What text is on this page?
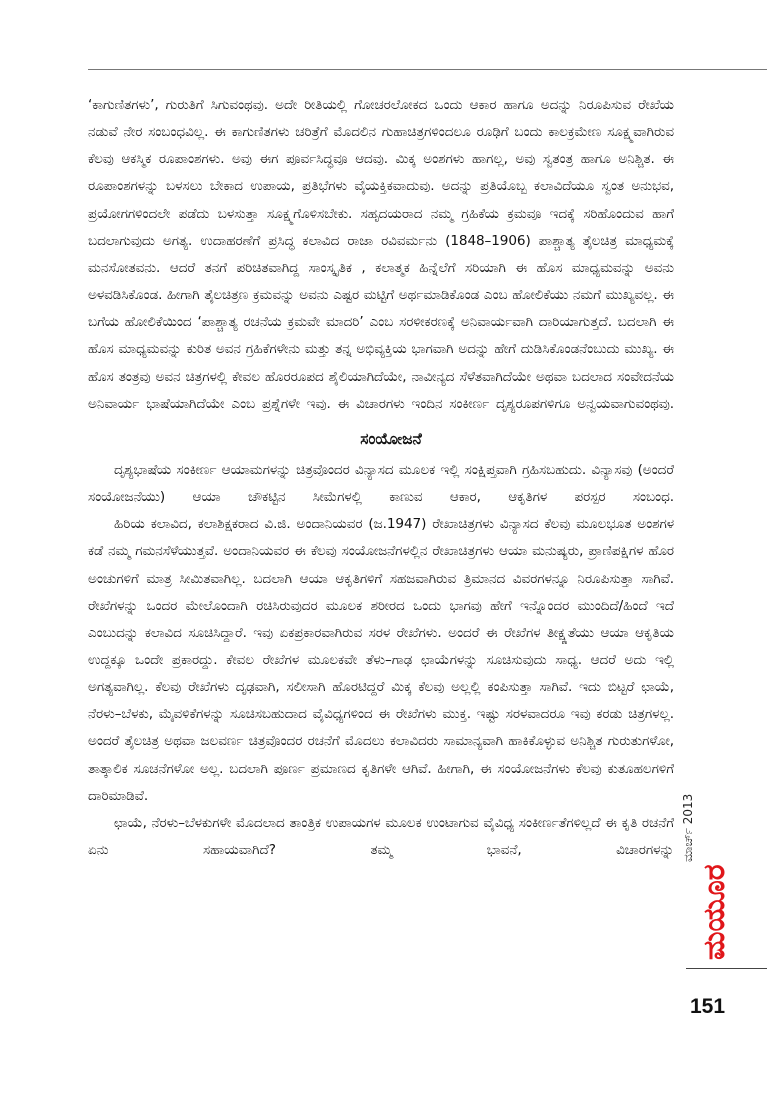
‘ಕಾಗುಣಿತಗಳು’, ಗುರುತಿಗೆ ಸಿಗುವಂಥವು. ಅದೇ ರೀತಿಯಲ್ಲಿ ಗೋಚರಲೋಕದ ಒಂದು ಆಕಾರ ಹಾಗೂ ಅದನ್ನು ನಿರೂಪಿಸುವ ರೇಖೆಯ ನಡುವೆ ನೇರ ಸಂಬಂಧವಿಲ್ಲ. ಈ ಕಾಗುಣಿತಗಳು ಚರಿತ್ರೆಗೆ ಮೊದಲಿನ ಗುಹಾಚಿತ್ರಗಳಿಂದಲೂ ರೂಢಿಗೆ ಬಂದು ಕಾಲಕ್ರಮೇಣ ಸೂಕ್ಷ್ಮವಾಗಿರುವ ಕೆಲವು ಆಕಸ್ಮಿಕ ರೂಪಾಂಶಗಳು. ಅವು ಈಗ ಪೂರ್ವಸಿದ್ಧವೂ ಆದವು. ಮಿಕ್ಕ ಅಂಶಗಳು ಹಾಗಲ್ಲ, ಅವು ಸ್ವತಂತ್ರ ಹಾಗೂ ಅನಿಶ್ಚಿತ. ಈ ರೂಪಾಂಶಗಳನ್ನು ಬಳಸಲು ಬೇಕಾದ ಉಪಾಯ, ಪ್ರತಿಭೆಗಳು ವೈಯಕ್ತಿಕವಾದುವು. ಅದನ್ನು ಪ್ರತಿಯೊಬ್ಬ ಕಲಾವಿದೆಯೂ ಸ್ವಂತ ಅನುಭವ, ಪ್ರಯೋಗಗಳಿಂದಲೇ ಪಡೆದು ಬಳಸುತ್ತಾ ಸೂಕ್ಷ್ಮಗೊಳಿಸಬೇಕು. ಸಹೃದಯರಾದ ನಮ್ಮ ಗ್ರಹಿಕೆಯ ಕ್ರಮವೂ ಇದಕ್ಕೆ ಸರಿಹೊಂದುವ ಹಾಗೆ ಬದಲಾಗುವುದು ಅಗತ್ಯ. ಉದಾಹರಣೆಗೆ ಪ್ರಸಿದ್ಧ ಕಲಾವಿದ ರಾಜಾ ರವಿವರ್ಮನು (1848–1906) ಪಾಶ್ಚಾತ್ಯ ತೈಲಚಿತ್ರ ಮಾಧ್ಯಮಕ್ಕೆ ಮನಸೋತವನು. ಆದರೆ ತನಗೆ ಪರಿಚಿತವಾಗಿದ್ದ ಸಾಂಸ್ಕೃತಿಕ , ಕಲಾತ್ಮಕ ಹಿನ್ನೆಲೆಗೆ ಸರಿಯಾಗಿ ಈ ಹೊಸ ಮಾಧ್ಯಮವನ್ನು ಅವನು ಅಳವಡಿಸಿಕೊಂಡ. ಹೀಗಾಗಿ ತೈಲಚಿತ್ರಣ ಕ್ರಮವನ್ನು ಅವನು ಎಷ್ಟರ ಮಟ್ಟಿಗೆ ಅರ್ಥಮಾಡಿಕೊಂಡ ಎಂಬ ಹೋಲಿಕೆಯು ನಮಗೆ ಮುಖ್ಯವಲ್ಲ. ಈ ಬಗೆಯ ಹೋಲಿಕೆಯಿಂದ ‘ಪಾಶ್ಚಾತ್ಯ ರಚನೆಯ ಕ್ರಮವೇ ಮಾದರಿ’ ಎಂಬ ಸರಳೀಕರಣಕ್ಕೆ ಅನಿವಾರ್ಯವಾಗಿ ದಾರಿಯಾಗುತ್ತದೆ. ಬದಲಾಗಿ ಈ ಹೊಸ ಮಾಧ್ಯಮವನ್ನು ಕುರಿತ ಅವನ ಗ್ರಹಿಕೆಗಳೇನು ಮತ್ತು ತನ್ನ ಅಭಿವ್ಯಕ್ತಿಯ ಭಾಗವಾಗಿ ಅದನ್ನು ಹೇಗೆ ದುಡಿಸಿಕೊಂಡನೆಂಬುದು ಮುಖ್ಯ. ಈ ಹೊಸ ತಂತ್ರವು ಅವನ ಚಿತ್ರಗಳಲ್ಲಿ ಕೇವಲ ಹೊರರೂಪದ ಶೈಲಿಯಾಗಿದೆಯೇ, ನಾವೀನ್ಯದ ಸೆಳೆತವಾಗಿದೆಯೇ ಅಥವಾ ಬದಲಾದ ಸಂವೇದನೆಯ ಅನಿವಾರ್ಯ ಭಾಷೆಯಾಗಿದೆಯೇ ಎಂಬ ಪ್ರಶ್ನೆಗಳೇ ಇವು. ಈ ವಿಚಾರಗಳು ಇಂದಿನ ಸಂಕೀರ್ಣ ದೃಶ್ಯರೂಪಗಳಿಗೂ ಅನ್ವಯವಾಗುವಂಥವು.

ಸಂಯೋಜನೆ

ದೃಶ್ಯಭಾಷೆಯ ಸಂಕೀರ್ಣ ಆಯಾಮಗಳನ್ನು ಚಿತ್ರವೊಂದರ ವಿನ್ಯಾಸದ ಮೂಲಕ ಇಲ್ಲಿ ಸಂಕ್ಷಿಪ್ತವಾಗಿ ಗ್ರಹಿಸಬಹುದು. ವಿನ್ಯಾಸವು (ಅಂದರೆ ಸಂಯೋಜನೆಯು) ಆಯಾ ಚೌಕಟ್ಟಿನ ಸೀಮೆಗಳಲ್ಲಿ ಕಾಣುವ ಆಕಾರ, ಆಕೃತಿಗಳ ಪರಸ್ಪರ ಸಂಬಂಧ.

ಹಿರಿಯ ಕಲಾವಿದ, ಕಲಾಶಿಕ್ಷಕರಾದ ವಿ.ಜಿ. ಅಂದಾನಿಯವರ (ಜ.1947) ರೇಖಾಚಿತ್ರಗಳು ವಿನ್ಯಾಸದ ಕೆಲವು ಮೂಲಭೂತ ಅಂಶಗಳ ಕಡೆ ನಮ್ಮ ಗಮನಸೆಳೆಯುತ್ತವೆ. ಅಂದಾನಿಯವರ ಈ ಕೆಲವು ಸಂಯೋಜನೆಗಳಲ್ಲಿನ ರೇಖಾಚಿತ್ರಗಳು ಆಯಾ ಮನುಷ್ಯರು, ಪ್ರಾಣಿಪಕ್ಷಿಗಳ ಹೊರ ಅಂಚುಗಳಿಗೆ ಮಾತ್ರ ಸೀಮಿತವಾಗಿಲ್ಲ. ಬದಲಾಗಿ ಆಯಾ ಆಕೃತಿಗಳಿಗೆ ಸಹಜವಾಗಿರುವ ತ್ರಿಮಾನದ ವಿವರಗಳನ್ನೂ ನಿರೂಪಿಸುತ್ತಾ ಸಾಗಿವೆ. ರೇಖೆಗಳನ್ನು ಒಂದರ ಮೇಲೊಂದಾಗಿ ರಚಿಸಿರುವುದರ ಮೂಲಕ ಶರೀರದ ಒಂದು ಭಾಗವು ಹೇಗೆ ಇನ್ನೊಂದರ ಮುಂದಿದೆ/ಹಿಂದೆ ಇದೆ ಎಂಬುದನ್ನು ಕಲಾವಿದ ಸೂಚಿಸಿದ್ದಾರೆ. ಇವು ಏಕಪ್ರಕಾರವಾಗಿರುವ ಸರಳ ರೇಖೆಗಳು. ಅಂದರೆ ಈ ರೇಖೆಗಳ ತೀಕ್ಷ್ಣತೆಯು ಆಯಾ ಆಕೃತಿಯ ಉದ್ದಕ್ಕೂ ಒಂದೇ ಪ್ರಕಾರದ್ದು. ಕೇವಲ ರೇಖೆಗಳ ಮೂಲಕವೇ ತೆಳು–ಗಾಢ ಛಾಯೆಗಳನ್ನು ಸೂಚಿಸುವುದು ಸಾಧ್ಯ. ಆದರೆ ಅದು ಇಲ್ಲಿ ಅಗತ್ಯವಾಗಿಲ್ಲ. ಕೆಲವು ರೇಖೆಗಳು ದೃಢವಾಗಿ, ಸಲೀಸಾಗಿ ಹೊರಟಿದ್ದರೆ ಮಿಕ್ಕ ಕೆಲವು ಅಲ್ಲಲ್ಲಿ ಕಂಪಿಸುತ್ತಾ ಸಾಗಿವೆ. ಇದು ಬಿಟ್ಟರೆ ಛಾಯೆ, ನೆರಳು–ಬೆಳಕು, ಮೈವಳಿಕೆಗಳನ್ನು ಸೂಚಿಸಬಹುದಾದ ವೈವಿಧ್ಯಗಳಿಂದ ಈ ರೇಖೆಗಳು ಮುಕ್ತ. ಇಷ್ಟು ಸರಳವಾದರೂ ಇವು ಕರಡು ಚಿತ್ರಗಳಲ್ಲ. ಅಂದರೆ ತೈಲಚಿತ್ರ ಅಥವಾ ಜಲವರ್ಣ ಚಿತ್ರವೊಂದರ ರಚನೆಗೆ ಮೊದಲು ಕಲಾವಿದರು ಸಾಮಾನ್ಯವಾಗಿ ಹಾಕಿಕೊಳ್ಳುವ ಅನಿಶ್ಚಿತ ಗುರುತುಗಳೋ, ತಾತ್ಕಾಲಿಕ ಸೂಚನೆಗಳೋ ಅಲ್ಲ. ಬದಲಾಗಿ ಪೂರ್ಣ ಪ್ರಮಾಣದ ಕೃತಿಗಳೇ ಆಗಿವೆ. ಹೀಗಾಗಿ, ಈ ಸಂಯೋಜನೆಗಳು ಕೆಲವು ಕುತೂಹಲಗಳಿಗೆ ದಾರಿಮಾಡಿವೆ.

ಛಾಯೆ, ನೆರಳು–ಬೆಳಕುಗಳೇ ಮೊದಲಾದ ತಾಂತ್ರಿಕ ಉಪಾಯಗಳ ಮೂಲಕ ಉಂಟಾಗುವ ವೈವಿಧ್ಯ ಸಂಕೀರ್ಣತೆಗಳಿಲ್ಲದೆ ಈ ಕೃತಿ ರಚನೆಗೆ ಏನು ಸಹಾಯವಾಗಿದೆ? ತಮ್ಮ ಭಾವನೆ, ವಿಚಾರಗಳನ್ನು ಮಾರ್ಚ್ 2013
ಮಯೂರ
151
